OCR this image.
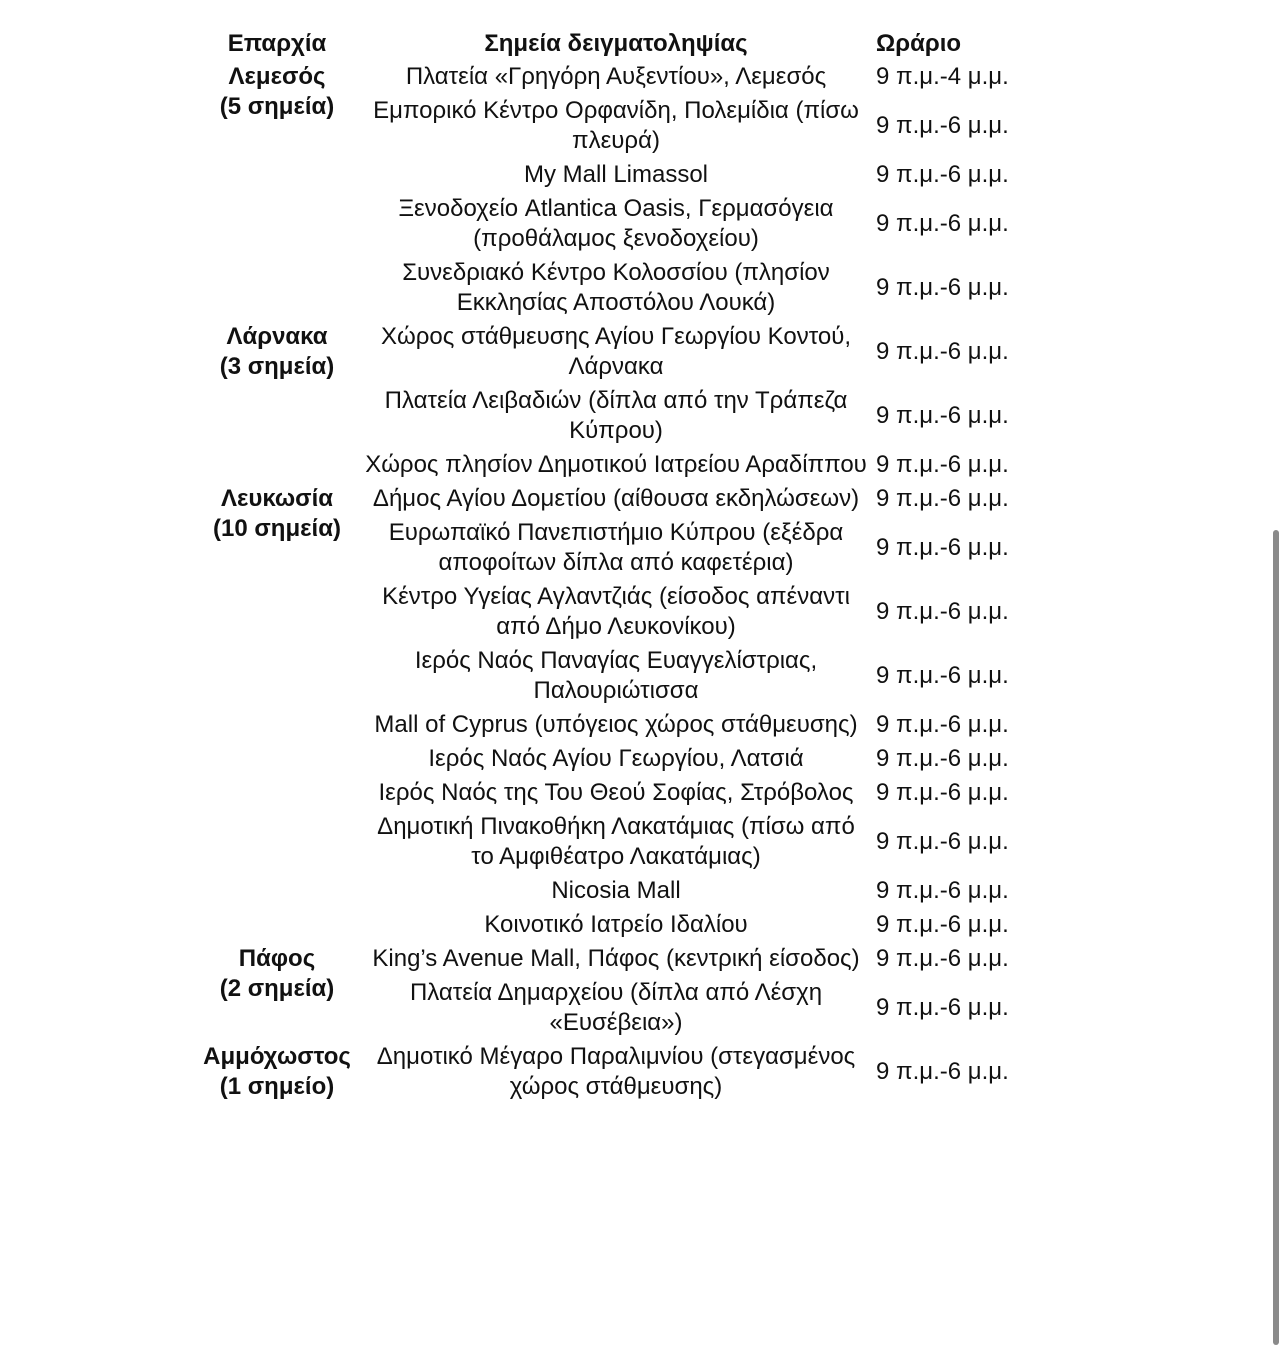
Επαρχία	Σημεία δειγματοληψίας	Ωράριο

Λεμεσός
(5 σημεία)	Πλατεία «Γρηγόρη Αυξεντίου», Λεμεσός	9 π.μ.-4 μ.μ.
	Εμπορικό Κέντρο Ορφανίδη, Πολεμίδια (πίσω πλευρά)	9 π.μ.-6 μ.μ.
	My Mall Limassol	9 π.μ.-6 μ.μ.
	Ξενοδοχείο Atlantica Oasis, Γερμασόγεια (προθάλαμος ξενοδοχείου)	9 π.μ.-6 μ.μ.
	Συνεδριακό Κέντρο Κολοσσίου (πλησίον Εκκλησίας Αποστόλου Λουκά)	9 π.μ.-6 μ.μ.

Λάρνακα
(3 σημεία)	Χώρος στάθμευσης Αγίου Γεωργίου Κοντού, Λάρνακα	9 π.μ.-6 μ.μ.
	Πλατεία Λειβαδιών (δίπλα από την Τράπεζα Κύπρου)	9 π.μ.-6 μ.μ.
	Χώρος πλησίον Δημοτικού Ιατρείου Αραδίππου	9 π.μ.-6 μ.μ.

Λευκωσία
(10 σημεία)	Δήμος Αγίου Δομετίου (αίθουσα εκδηλώσεων)	9 π.μ.-6 μ.μ.
	Ευρωπαϊκό Πανεπιστήμιο Κύπρου (εξέδρα αποφοίτων δίπλα από καφετέρια)	9 π.μ.-6 μ.μ.
	Κέντρο Υγείας Αγλαντζιάς (είσοδος απέναντι από Δήμο Λευκονίκου)	9 π.μ.-6 μ.μ.
	Ιερός Ναός Παναγίας Ευαγγελίστριας, Παλουριώτισσα	9 π.μ.-6 μ.μ.
	Mall of Cyprus (υπόγειος χώρος στάθμευσης)	9 π.μ.-6 μ.μ.
	Ιερός Ναός Αγίου Γεωργίου, Λατσιά	9 π.μ.-6 μ.μ.
	Ιερός Ναός της Του Θεού Σοφίας, Στρόβολος	9 π.μ.-6 μ.μ.
	Δημοτική Πινακοθήκη Λακατάμιας (πίσω από το Αμφιθέατρο Λακατάμιας)	9 π.μ.-6 μ.μ.
	Nicosia Mall	9 π.μ.-6 μ.μ.
	Κοινοτικό Ιατρείο Ιδαλίου	9 π.μ.-6 μ.μ.

Πάφος
(2 σημεία)	King’s Avenue Mall, Πάφος (κεντρική είσοδος)	9 π.μ.-6 μ.μ.
	Πλατεία Δημαρχείου (δίπλα από Λέσχη «Ευσέβεια»)	9 π.μ.-6 μ.μ.

Αμμόχωστος
(1 σημείο)	Δημοτικό Μέγαρο Παραλιμνίου (στεγασμένος χώρος στάθμευσης)	9 π.μ.-6 μ.μ.
